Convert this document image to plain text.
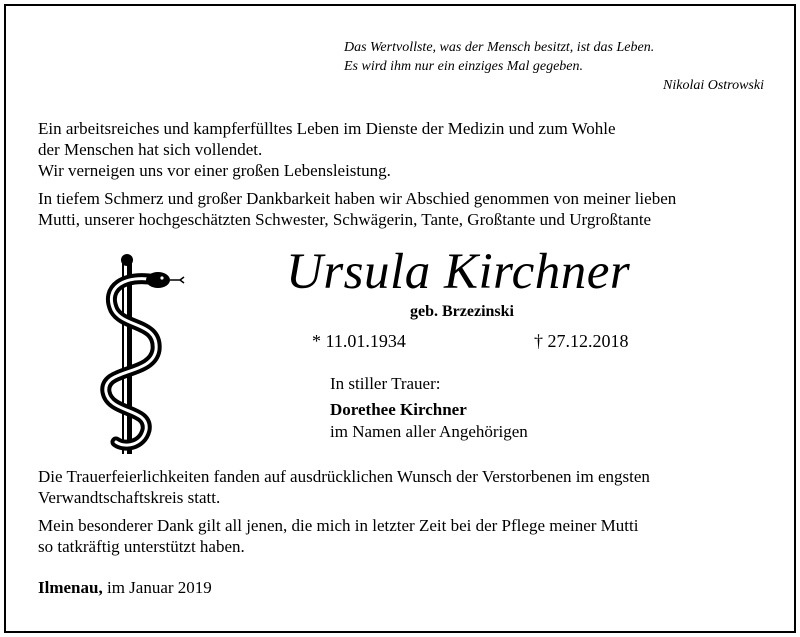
Das Wertvollste, was der Mensch besitzt, ist das Leben.
Es wird ihm nur ein einziges Mal gegeben.
Nikolai Ostrowski
Ein arbeitsreiches und kampferfülltes Leben im Dienste der Medizin und zum Wohle
der Menschen hat sich vollendet.
Wir verneigen uns vor einer großen Lebensleistung.
In tiefem Schmerz und großer Dankbarkeit haben wir Abschied genommen von meiner lieben
Mutti, unserer hochgeschätzten Schwester, Schwägerin, Tante, Großtante und Urgroßtante
Ursula Kirchner
geb. Brzezinski
* 11.01.1934	† 27.12.2018
In stiller Trauer:
Dorethee Kirchner
im Namen aller Angehörigen
Die Trauerfeierlichkeiten fanden auf ausdrücklichen Wunsch der Verstorbenen im engsten
Verwandtschaftskreis statt.
Mein besonderer Dank gilt all jenen, die mich in letzter Zeit bei der Pflege meiner Mutti
so tatkräftig unterstützt haben.
Ilmenau, im Januar 2019
